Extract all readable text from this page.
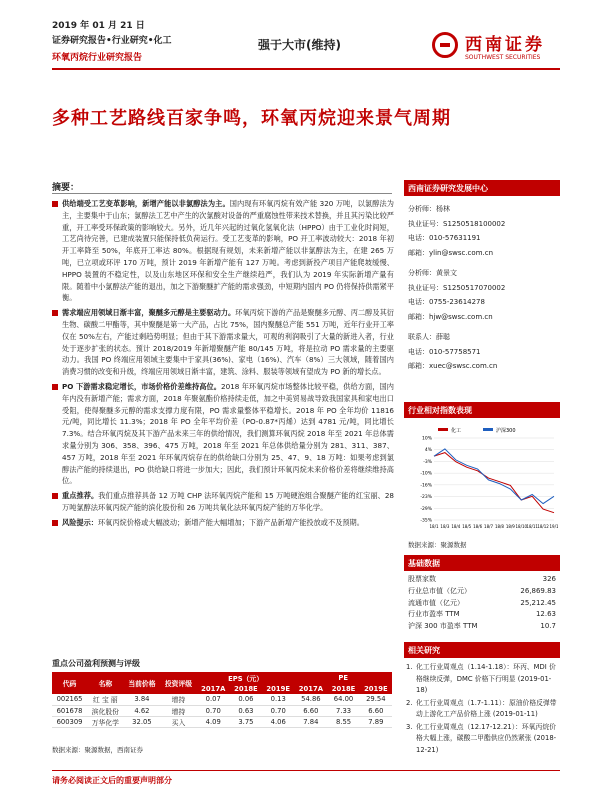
2019 年 01 月 21 日
证券研究报告•行业研究•化工
环氧丙烷行业研究报告
强于大市(维持)	西南证券
SOUTHWEST SECURITIES
多种工艺路线百家争鸣，环氧丙烷迎来景气周期
摘要：

供给端受工艺变革影响，新增产能以非氯醇法为主。国内现有环氧丙烷有效产能 320 万吨，以氯醇法为主，主要集中于山东；氯醇法工艺中产生的次氯酸对设备的严重腐蚀性带来技术替换，并且其污染比较严重，开工率受环保政策的影响较大。另外，近几年兴起的过氧化氢氧化法（HPPO）由于工业化时间短，工艺尚待完善，已建成装置只能保持低负荷运行。受工艺变革的影响，PO 开工率波动较大：2018 年初开工率降至 50%，年底开工率达 80%。根据现有规划，未来新增产能以非氯醇法为主，在建 265 万吨，已立项或环评 170 万吨，预计 2019 年新增产能有 127 万吨。考虑到新投产项目产能爬坡缓慢、HPPO 装置的不稳定性，以及山东地区环保和安全生产继续趋严，我们认为 2019 年实际新增产量有限。随着中小氯醇法产能的退出，加之下游聚醚扩产能的需求强劲，中短期内国内 PO 仍将保持供需紧平衡。

需求端应用领域日渐丰富，聚醚多元醇是主要驱动力。环氧丙烷下游的产品是聚醚多元醇、丙二醇及其衍生物、碳酸二甲酯等，其中聚醚是第一大产品，占比 75%，国内聚醚总产能 551 万吨，近年行业开工率仅在 50%左右，产能过剩趋势明显；但由于其下游需求量大，可观的利润吸引了大量的新进入者，行业处于逐步扩张的状态。预计 2018/2019 年新增聚醚产能 80/145 万吨，将是拉动 PO 需求量的主要驱动力。我国 PO 终端应用领域主要集中于家具(36%)、家电（16%)、汽车（8%）三大领域，随着国内消费习惯的改变和升级，终端应用领域日渐丰富，建筑、涂料、服装等领域有望成为 PO 新的增长点。

PO 下游需求稳定增长，市场价格价差维持高位。2018 年环氧丙烷市场整体比较平稳，供给方面，国内年内没有新增产能；需求方面，2018 年聚氨酯价格持续走低，加之中美贸易战导致我国家具和家电出口受阻，使得聚醚多元醇的需求支撑力度有限，PO 需求量整体平稳增长。2018 年 PO 全年均价 11816 元/吨，同比增长 11.3%；2018 年 PO 全年平均价差（PO-0.87*丙烯）达到 4781 元/吨，同比增长 7.3%。结合环氧丙烷及其下游产品未来三年的供给情况，我们测算环氧丙烷 2018 年至 2021 年总体需求量分别为 306、358、396、475 万吨，2018 年至 2021 年总体供给量分别为 281、311、387、457 万吨，2018 年至 2021 年环氧丙烷存在的供给缺口分别为 25、47、9、18 万吨：如果考虑到氯醇法产能的持续退出，PO 供给缺口将进一步加大；因此，我们预计环氧丙烷未来价格价差将继续维持高位。

重点推荐。我们重点推荐具备 12 万吨 CHP 法环氧丙烷产能和 15 万吨硬泡组合聚醚产能的红宝丽、28 万吨氯醇法环氧丙烷产能的滨化股份和 26 万吨共氧化法环氧丙烷产能的万华化学。

风险提示：环氧丙烷价格或大幅波动；新增产能大幅增加；下游产品新增产能投放或不及预期。

西南证券研究发展中心
分析师：杨林
执业证号：S1250518100002
电话：010-57631191
邮箱：ylin@swsc.com.cn
分析师：黄景文
执业证号：S1250517070002
电话：0755-23614278
邮箱：hjw@swsc.com.cn
联系人：薛聪
电话：010-57758571
邮箱：xuec@swsc.com.cn
行业相对指数表现
化工	沪深300
10%
4%
-3%
-10%
-16%
-23%
-29%
-35%
18/1 18/3 18/4 18/5 18/6 18/7 18/8 18/9 18/10 18/11 18/12 19/1
数据来源：聚源数据
基础数据
股票家数	326
行业总市值（亿元）	26,869.83
流通市值（亿元）	25,212.45
行业市盈率 TTM	12.63
沪深 300 市盈率 TTM	10.7
相关研究
1. 化工行业周观点（1.14-1.18）：环丙、MDI 价格继续反弹，DMC 价格下行明显 (2019-01-18)
2. 化工行业周观点（1.7-1.11）：原油价格反弹带动上游化工产品价格上涨 (2019-01-11)
3. 化工行业周观点（12.17-12.21）：环氧丙烷价格大幅上涨，碳酸二甲酯供应仍然紧张 (2018-12-21)
重点公司盈利预测与评级
代码	名称	当前价格	投资评级	EPS（元）			PE		
				2017A	2018E	2019E	2017A	2018E	2019E
002165	红 宝 丽	3.84	增持	0.07	0.06	0.13	54.86	64.00	29.54
601678	滨化股份	4.62	增持	0.70	0.63	0.70	6.60	7.33	6.60
600309	万华化学	32.05	买入	4.09	3.75	4.06	7.84	8.55	7.89
数据来源：聚源数据，西南证券
请务必阅读正文后的重要声明部分
